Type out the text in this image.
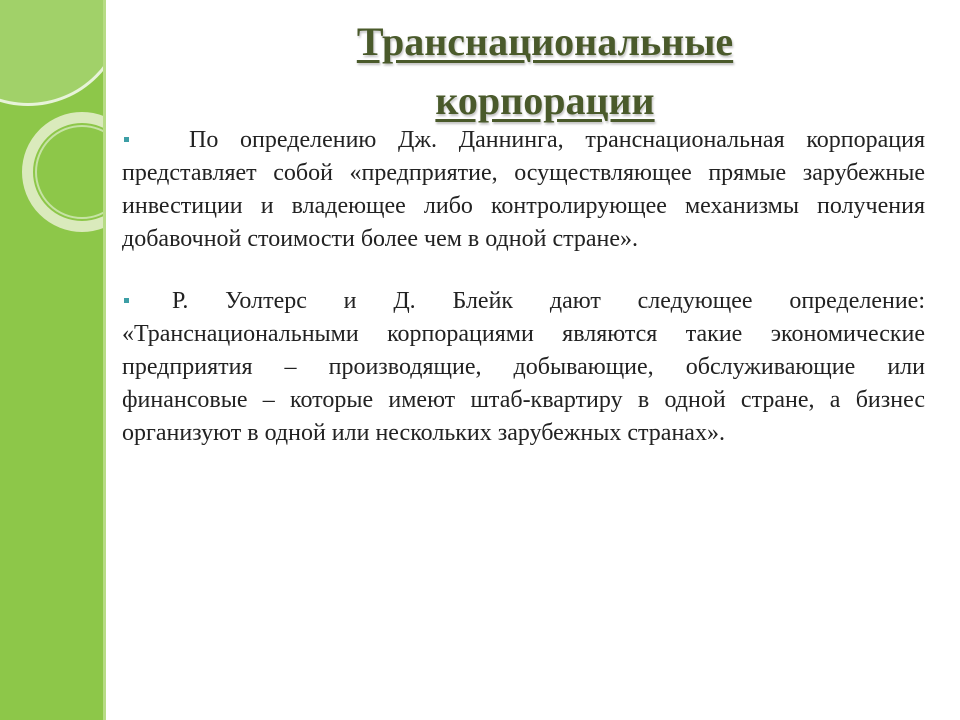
Транснациональные корпорации

По определению Дж. Даннинга, транснациональная корпорация представляет собой «предприятие, осуществляющее прямые зарубежные инвестиции и владеющее либо контролирующее механизмы получения добавочной стоимости более чем в одной стране».

Р. Уолтерс и Д. Блейк дают следующее определение: «Транснациональными корпорациями являются такие экономические предприятия – производящие, добывающие, обслуживающие или финансовые – которые имеют штаб-квартиру в одной стране, а бизнес организуют в одной или нескольких зарубежных странах».
